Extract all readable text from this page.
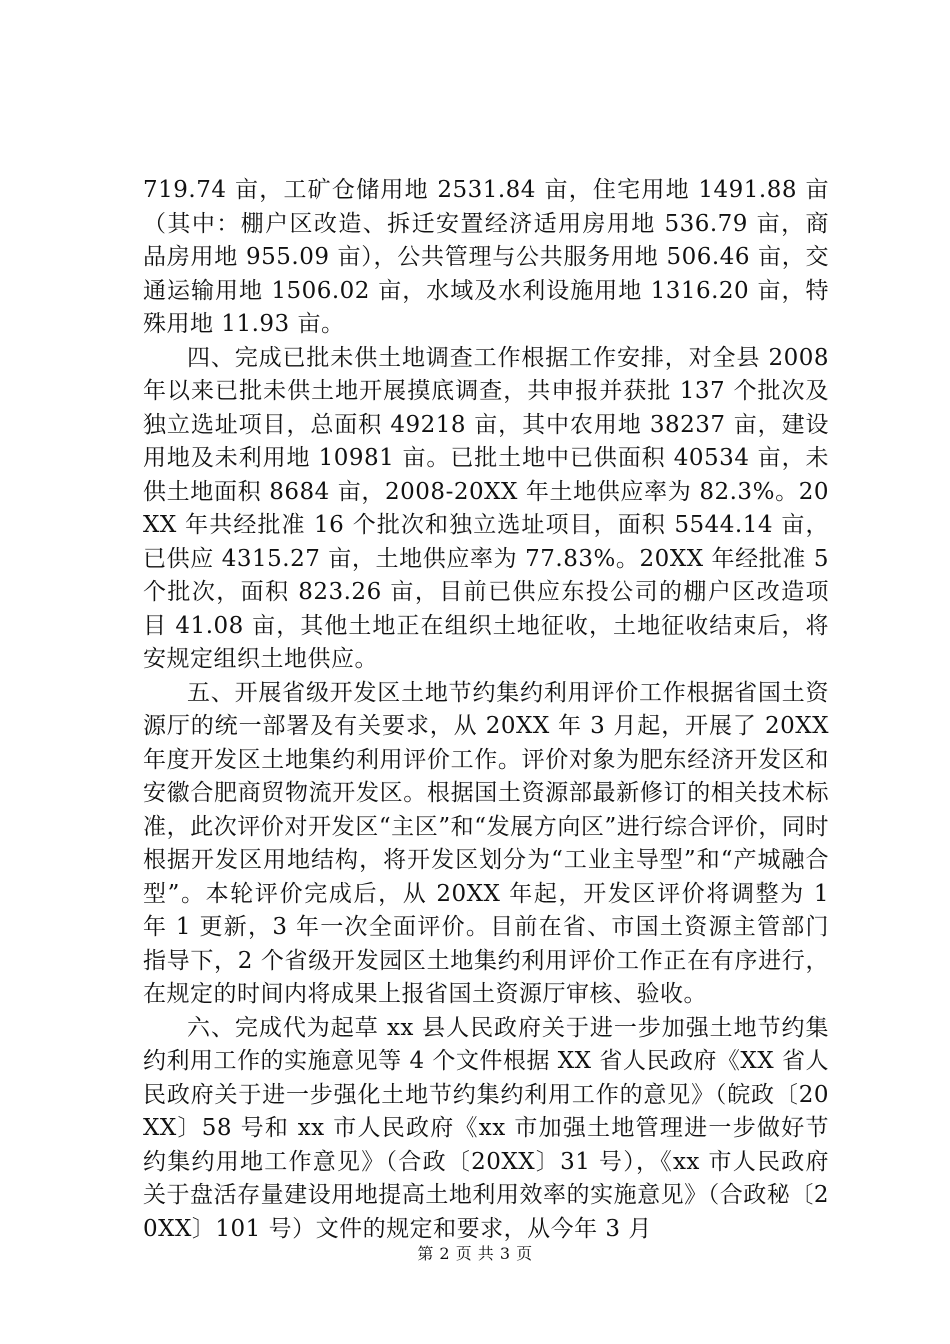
719.74 亩，工矿仓储用地 2531.84 亩，住宅用地 1491.88 亩（其中：棚户区改造、拆迁安置经济适用房用地 536.79 亩，商品房用地 955.09 亩），公共管理与公共服务用地 506.46 亩，交通运输用地 1506.02 亩，水域及水利设施用地 1316.20 亩，特殊用地 11.93 亩。

四、完成已批未供土地调查工作根据工作安排，对全县 2008 年以来已批未供土地开展摸底调查，共申报并获批 137 个批次及独立选址项目，总面积 49218 亩，其中农用地 38237 亩，建设用地及未利用地 10981 亩。已批土地中已供面积 40534 亩，未供土地面积 8684 亩，2008-20XX 年土地供应率为 82.3%。20XX 年共经批准 16 个批次和独立选址项目，面积 5544.14 亩，已供应 4315.27 亩，土地供应率为 77.83%。20XX 年经批准 5 个批次，面积 823.26 亩，目前已供应东投公司的棚户区改造项目 41.08 亩，其他土地正在组织土地征收，土地征收结束后，将安规定组织土地供应。

五、开展省级开发区土地节约集约利用评价工作根据省国土资源厅的统一部署及有关要求，从 20XX 年 3 月起，开展了 20XX 年度开发区土地集约利用评价工作。评价对象为肥东经济开发区和安徽合肥商贸物流开发区。根据国土资源部最新修订的相关技术标准，此次评价对开发区“主区”和“发展方向区”进行综合评价，同时根据开发区用地结构，将开发区划分为“工业主导型”和“产城融合型”。本轮评价完成后，从 20XX 年起，开发区评价将调整为 1 年 1 更新，3 年一次全面评价。目前在省、市国土资源主管部门指导下，2 个省级开发园区土地集约利用评价工作正在有序进行，在规定的时间内将成果上报省国土资源厅审核、验收。

六、完成代为起草 xx 县人民政府关于进一步加强土地节约集约利用工作的实施意见等 4 个文件根据 XX 省人民政府《XX 省人民政府关于进一步强化土地节约集约利用工作的意见》（皖政〔20XX〕58 号和 xx 市人民政府《xx 市加强土地管理进一步做好节约集约用地工作意见》（合政〔20XX〕31 号），《xx 市人民政府关于盘活存量建设用地提高土地利用效率的实施意见》（合政秘〔20XX〕101 号）文件的规定和要求，从今年 3 月

第 2 页 共 3 页
